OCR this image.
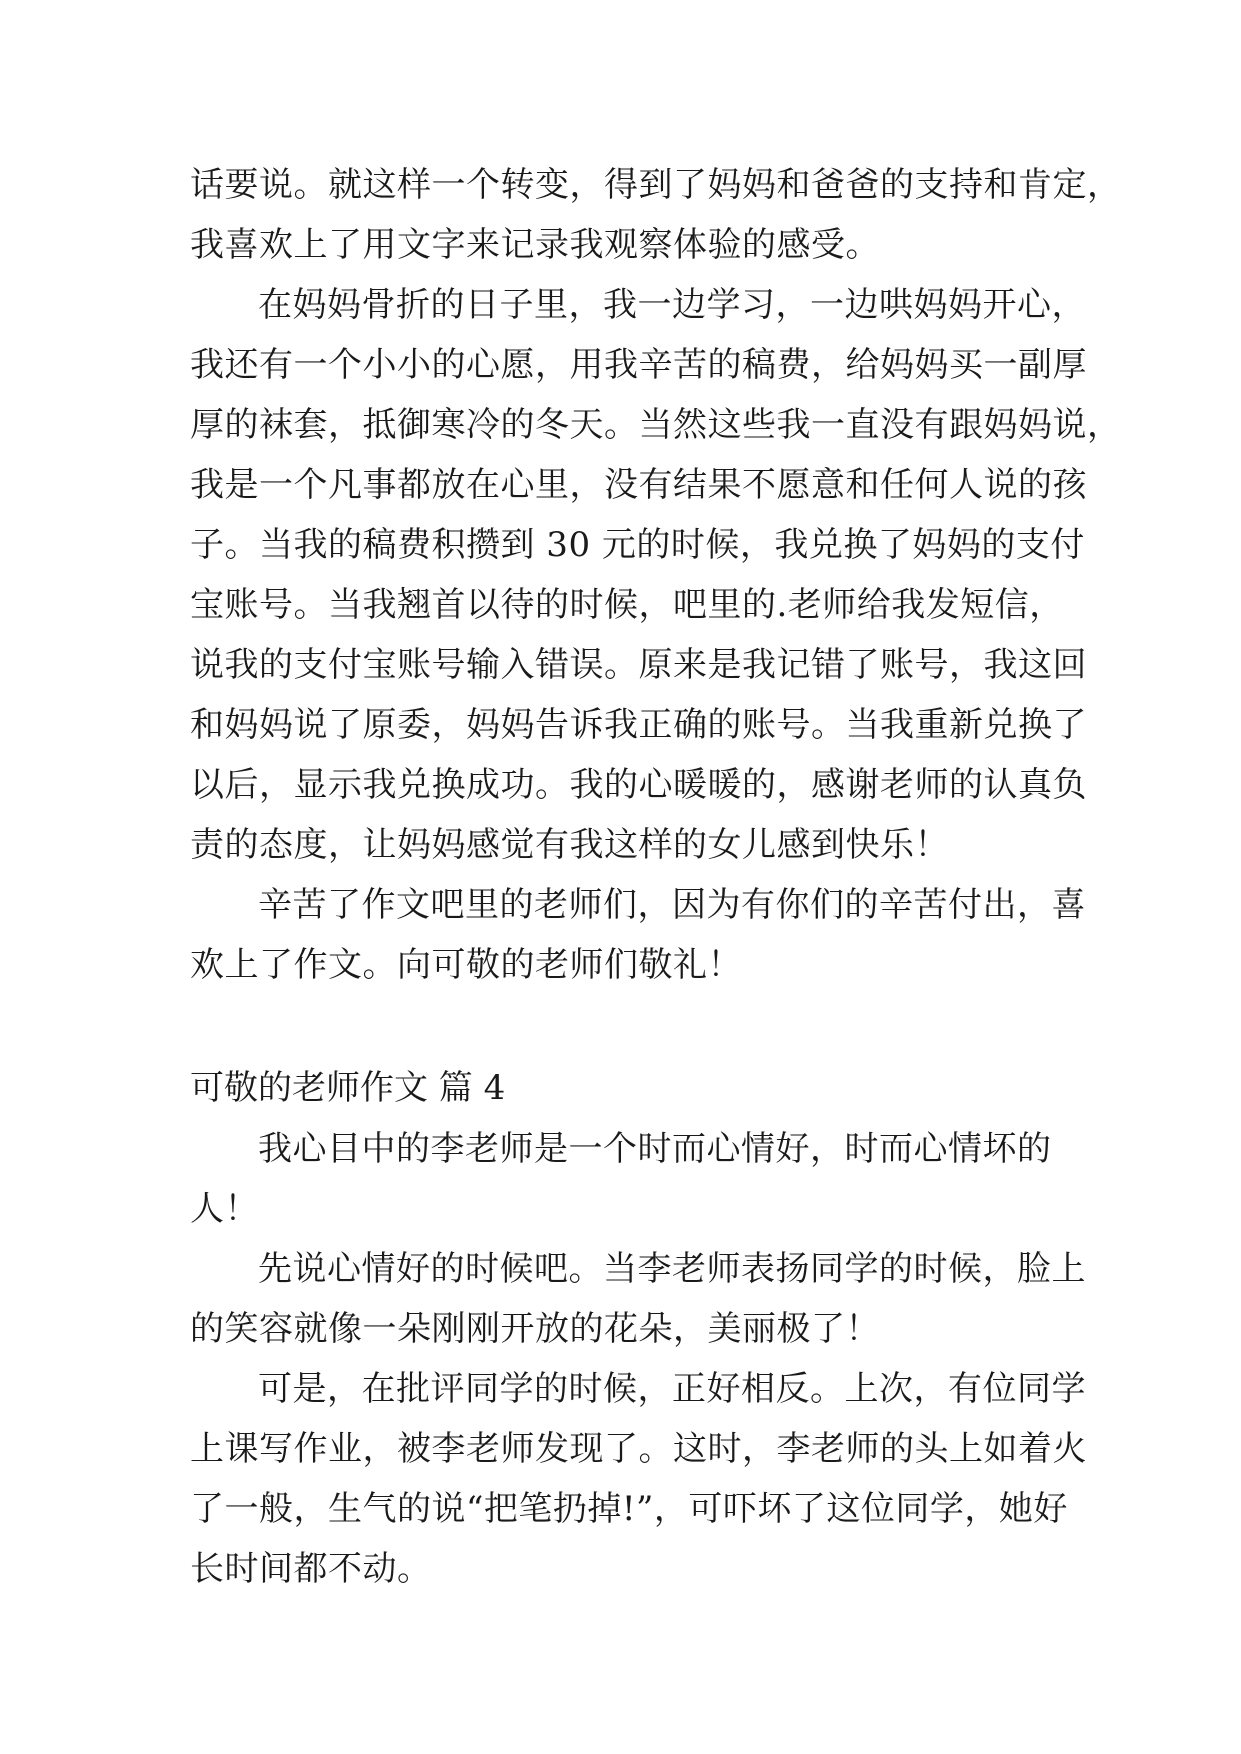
话要说。就这样一个转变，得到了妈妈和爸爸的支持和肯定，
我喜欢上了用文字来记录我观察体验的感受。
在妈妈骨折的日子里，我一边学习，一边哄妈妈开心，
我还有一个小小的心愿，用我辛苦的稿费，给妈妈买一副厚
厚的袜套，抵御寒冷的冬天。当然这些我一直没有跟妈妈说，
我是一个凡事都放在心里，没有结果不愿意和任何人说的孩
子。当我的稿费积攒到 30 元的时候，我兑换了妈妈的支付
宝账号。当我翘首以待的时候，吧里的.老师给我发短信，
说我的支付宝账号输入错误。原来是我记错了账号，我这回
和妈妈说了原委，妈妈告诉我正确的账号。当我重新兑换了
以后，显示我兑换成功。我的心暖暖的，感谢老师的认真负
责的态度，让妈妈感觉有我这样的女儿感到快乐！
辛苦了作文吧里的老师们，因为有你们的辛苦付出，喜
欢上了作文。向可敬的老师们敬礼！
可敬的老师作文 篇 4
我心目中的李老师是一个时而心情好，时而心情坏的
人！
先说心情好的时候吧。当李老师表扬同学的时候，脸上
的笑容就像一朵刚刚开放的花朵，美丽极了！
可是，在批评同学的时候，正好相反。上次，有位同学
上课写作业，被李老师发现了。这时，李老师的头上如着火
了一般，生气的说“把笔扔掉!”，可吓坏了这位同学，她好
长时间都不动。
